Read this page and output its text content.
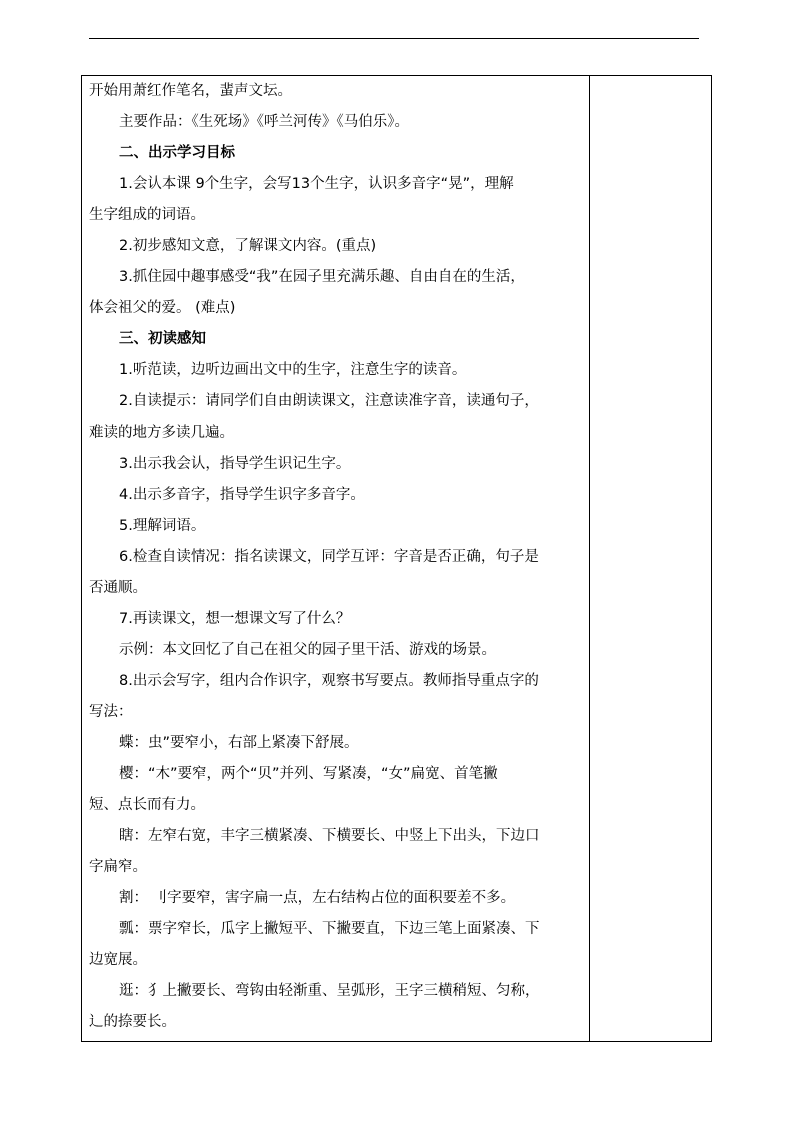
开始用萧红作笔名，蜚声文坛。

主要作品：《生死场》《呼兰河传》《马伯乐》。

二、出示学习目标

1.会认本课 9个生字，会写13个生字，认识多音字“晃”，理解

生字组成的词语。

2.初步感知文意，了解课文内容。(重点)

3.抓住园中趣事感受“我”在园子里充满乐趣、自由自在的生活，

体会祖父的爱。 (难点)

三、初读感知

1.听范读，边听边画出文中的生字，注意生字的读音。

2.自读提示：请同学们自由朗读课文，注意读准字音，读通句子，

难读的地方多读几遍。

3.出示我会认，指导学生识记生字。

4.出示多音字，指导学生识字多音字。

5.理解词语。

6.检查自读情况：指名读课文，同学互评：字音是否正确，句子是

否通顺。

7.再读课文，想一想课文写了什么？

示例：本文回忆了自己在祖父的园子里干活、游戏的场景。

8.出示会写字，组内合作识字，观察书写要点。教师指导重点字的

写法：

蝶：虫”要窄小，右部上紧凑下舒展。

樱：“木”要窄，两个“贝”并列、写紧凑，“女”扁宽、首笔撇

短、点长而有力。

瞎：左窄右宽，丰字三横紧凑、下横要长、中竖上下出头，下边口

字扁窄。

割： 刂字要窄，害字扁一点，左右结构占位的面积要差不多。

瓢：票字窄长，瓜字上撇短平、下撇要直，下边三笔上面紧凑、下

边宽展。

逛：犭上撇要长、弯钩由轻渐重、呈弧形，王字三横稍短、匀称，

辶的捺要长。
